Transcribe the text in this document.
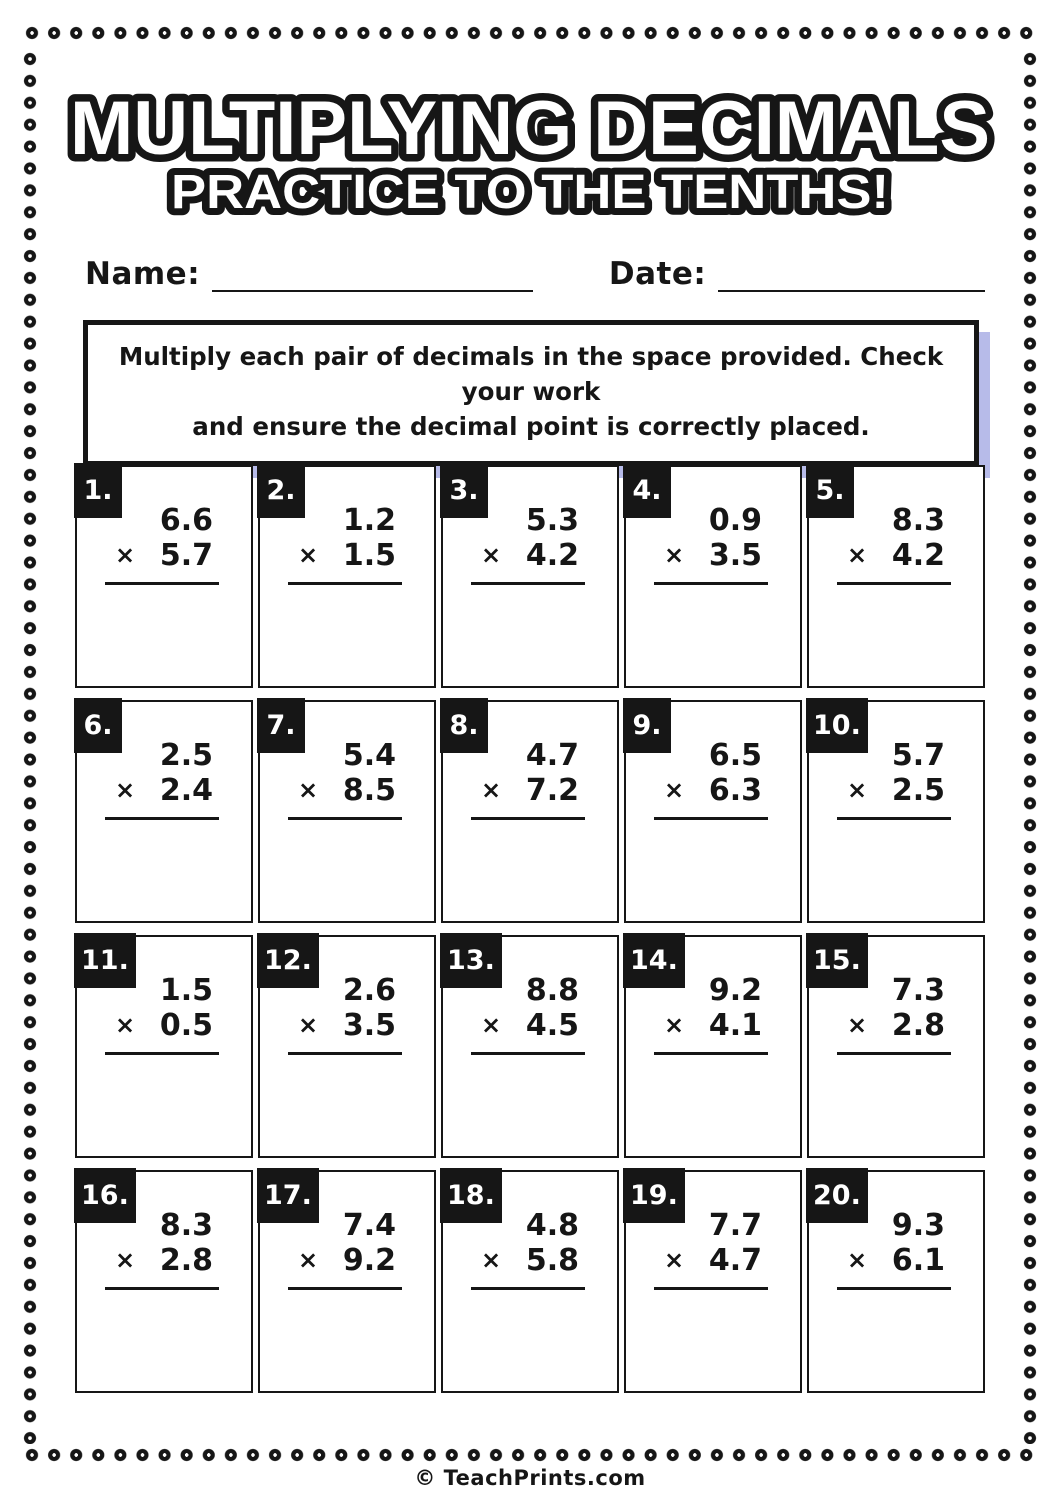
MULTIPLYING DECIMALS
PRACTICE TO THE TENTHS!
Name:	Date:
Multiply each pair of decimals in the space provided. Check your work
and ensure the decimal point is correctly placed.
1.
6.6
× 5.7
2.
1.2
× 1.5
3.
5.3
× 4.2
4.
0.9
× 3.5
5.
8.3
× 4.2
6.
2.5
× 2.4
7.
5.4
× 8.5
8.
4.7
× 7.2
9.
6.5
× 6.3
10.
5.7
× 2.5
11.
1.5
× 0.5
12.
2.6
× 3.5
13.
8.8
× 4.5
14.
9.2
× 4.1
15.
7.3
× 2.8
16.
8.3
× 2.8
17.
7.4
× 9.2
18.
4.8
× 5.8
19.
7.7
× 4.7
20.
9.3
× 6.1
© TeachPrints.com
